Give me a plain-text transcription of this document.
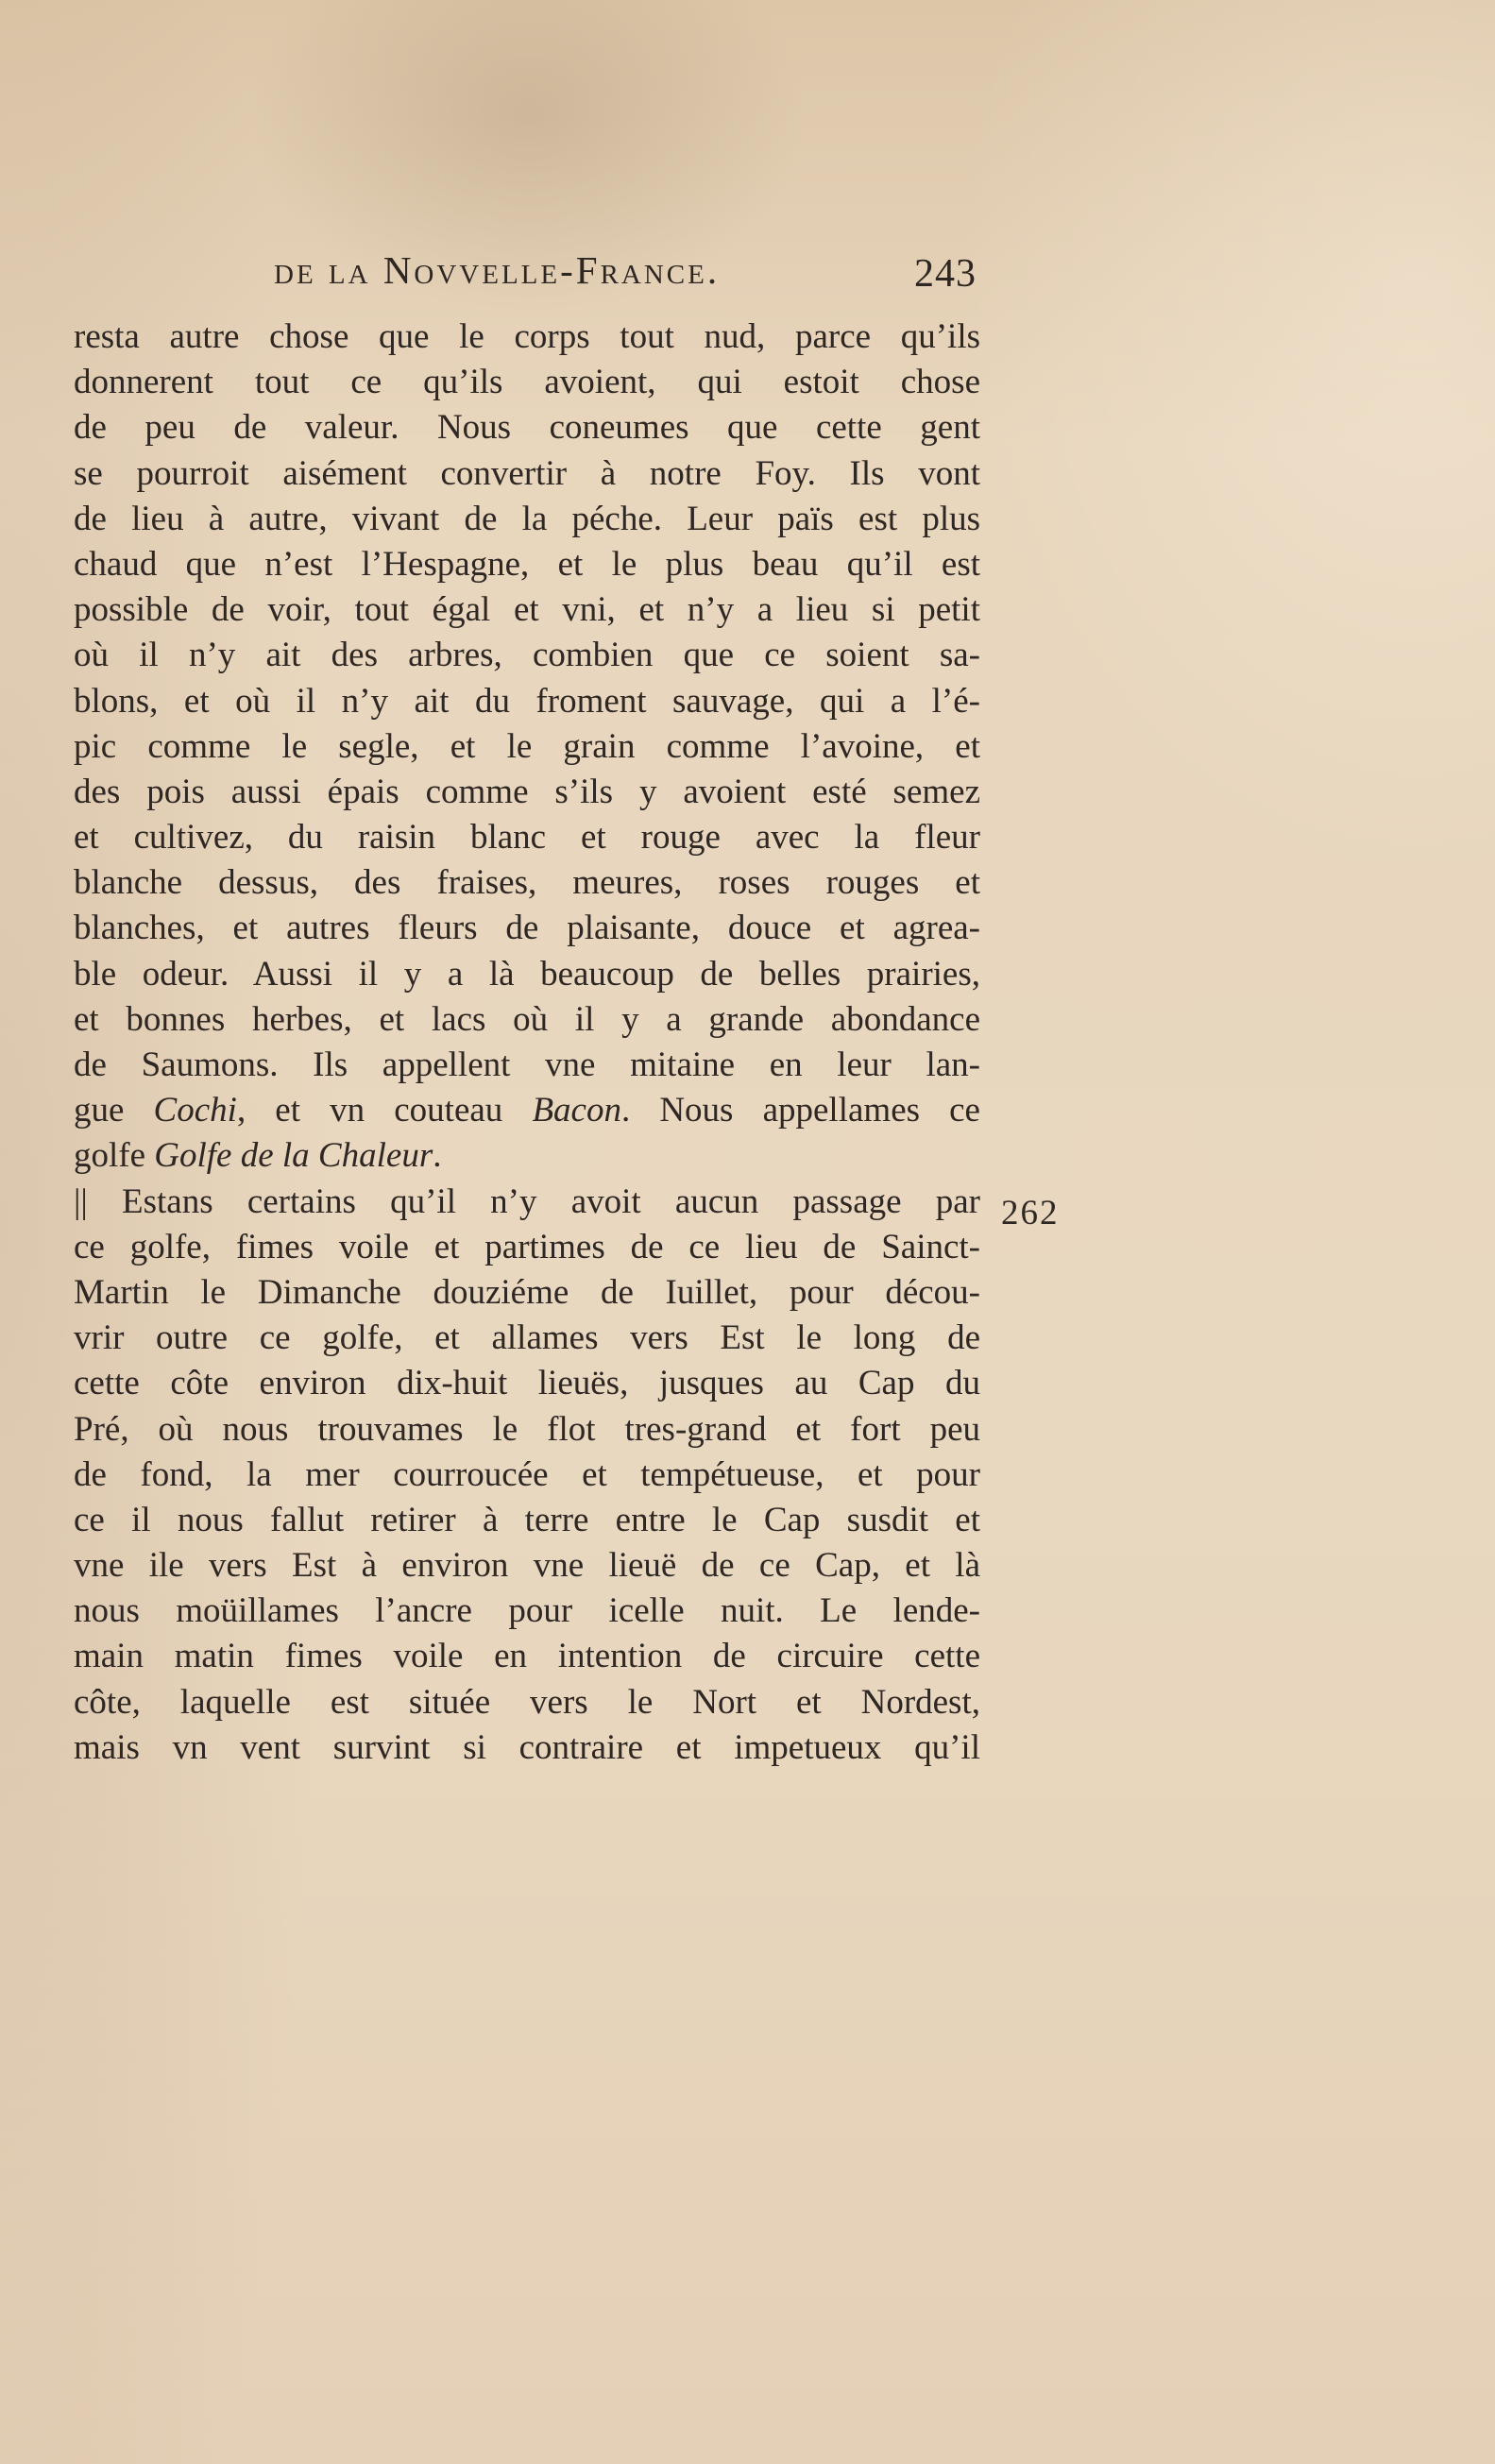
de la Novvelle-France.	243
resta autre chose que le corps tout nud, parce qu’ils
donnerent tout ce qu’ils avoient, qui estoit chose
de peu de valeur. Nous coneumes que cette gent
se pourroit aisément convertir à notre Foy. Ils vont
de lieu à autre, vivant de la péche. Leur païs est plus
chaud que n’est l’Hespagne, et le plus beau qu’il est
possible de voir, tout égal et vni, et n’y a lieu si petit
où il n’y ait des arbres, combien que ce soient sa-
blons, et où il n’y ait du froment sauvage, qui a l’é-
pic comme le segle, et le grain comme l’avoine, et
des pois aussi épais comme s’ils y avoient esté semez
et cultivez, du raisin blanc et rouge avec la fleur
blanche dessus, des fraises, meures, roses rouges et
blanches, et autres fleurs de plaisante, douce et agrea-
ble odeur. Aussi il y a là beaucoup de belles prairies,
et bonnes herbes, et lacs où il y a grande abondance
de Saumons. Ils appellent vne mitaine en leur lan-
gue Cochi, et vn couteau Bacon. Nous appellames ce
golfe Golfe de la Chaleur.
|| Estans certains qu’il n’y avoit aucun passage par
ce golfe, fimes voile et partimes de ce lieu de Sainct-
Martin le Dimanche douziéme de Iuillet, pour décou-
vrir outre ce golfe, et allames vers Est le long de
cette côte environ dix-huit lieuës, jusques au Cap du
Pré, où nous trouvames le flot tres-grand et fort peu
de fond, la mer courroucée et tempétueuse, et pour
ce il nous fallut retirer à terre entre le Cap susdit et
vne ile vers Est à environ vne lieuë de ce Cap, et là
nous moüillames l’ancre pour icelle nuit. Le lende-
main matin fimes voile en intention de circuire cette
côte, laquelle est située vers le Nort et Nordest,
mais vn vent survint si contraire et impetueux qu’il
262
